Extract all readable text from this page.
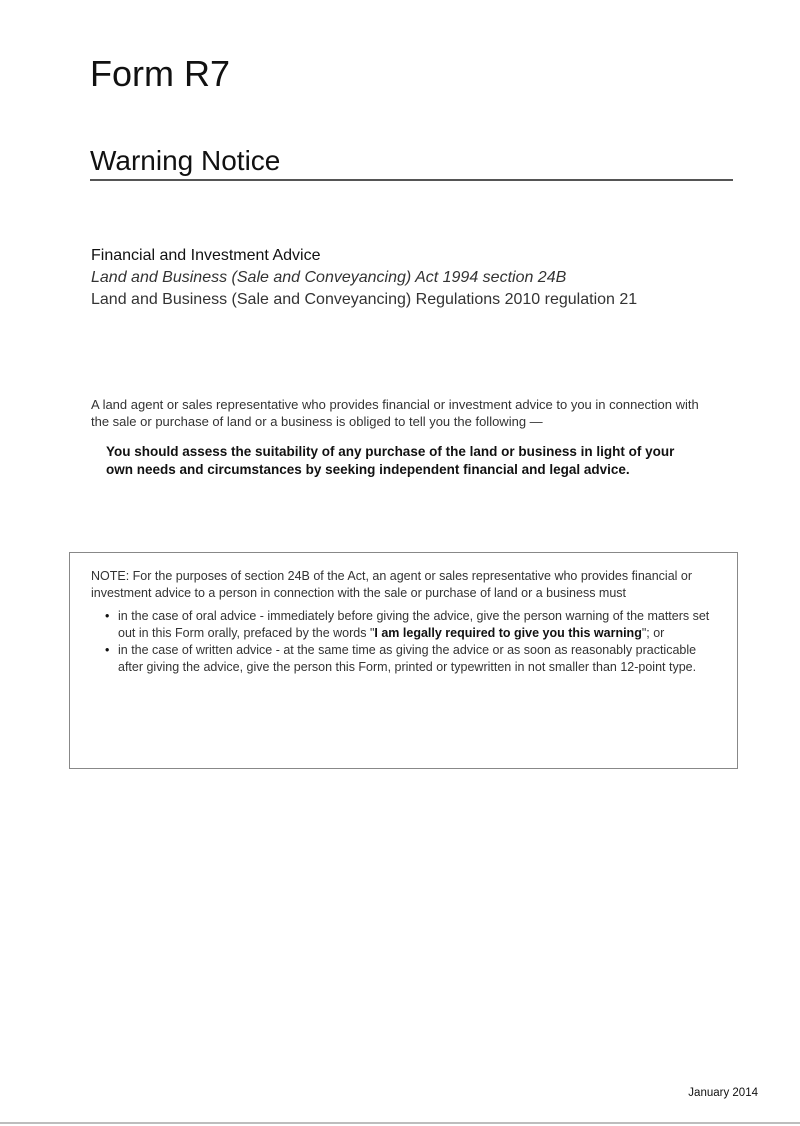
Form R7
Warning Notice

Financial and Investment Advice

Land and Business (Sale and Conveyancing) Act 1994 section 24B

Land and Business (Sale and Conveyancing) Regulations 2010 regulation 21

A land agent or sales representative who provides financial or investment advice to you in connection with the sale or purchase of land or a business is obliged to tell you the following —

You should assess the suitability of any purchase of the land or business in light of your own needs and circumstances by seeking independent financial and legal advice.

NOTE: For the purposes of section 24B of the Act, an agent or sales representative who provides financial or investment advice to a person in connection with the sale or purchase of land or a business must

• in the case of oral advice - immediately before giving the advice, give the person warning of the matters set out in this Form orally, prefaced by the words "I am legally required to give you this warning"; or
• in the case of written advice - at the same time as giving the advice or as soon as reasonably practicable after giving the advice, give the person this Form, printed or typewritten in not smaller than 12-point type.

January 2014
